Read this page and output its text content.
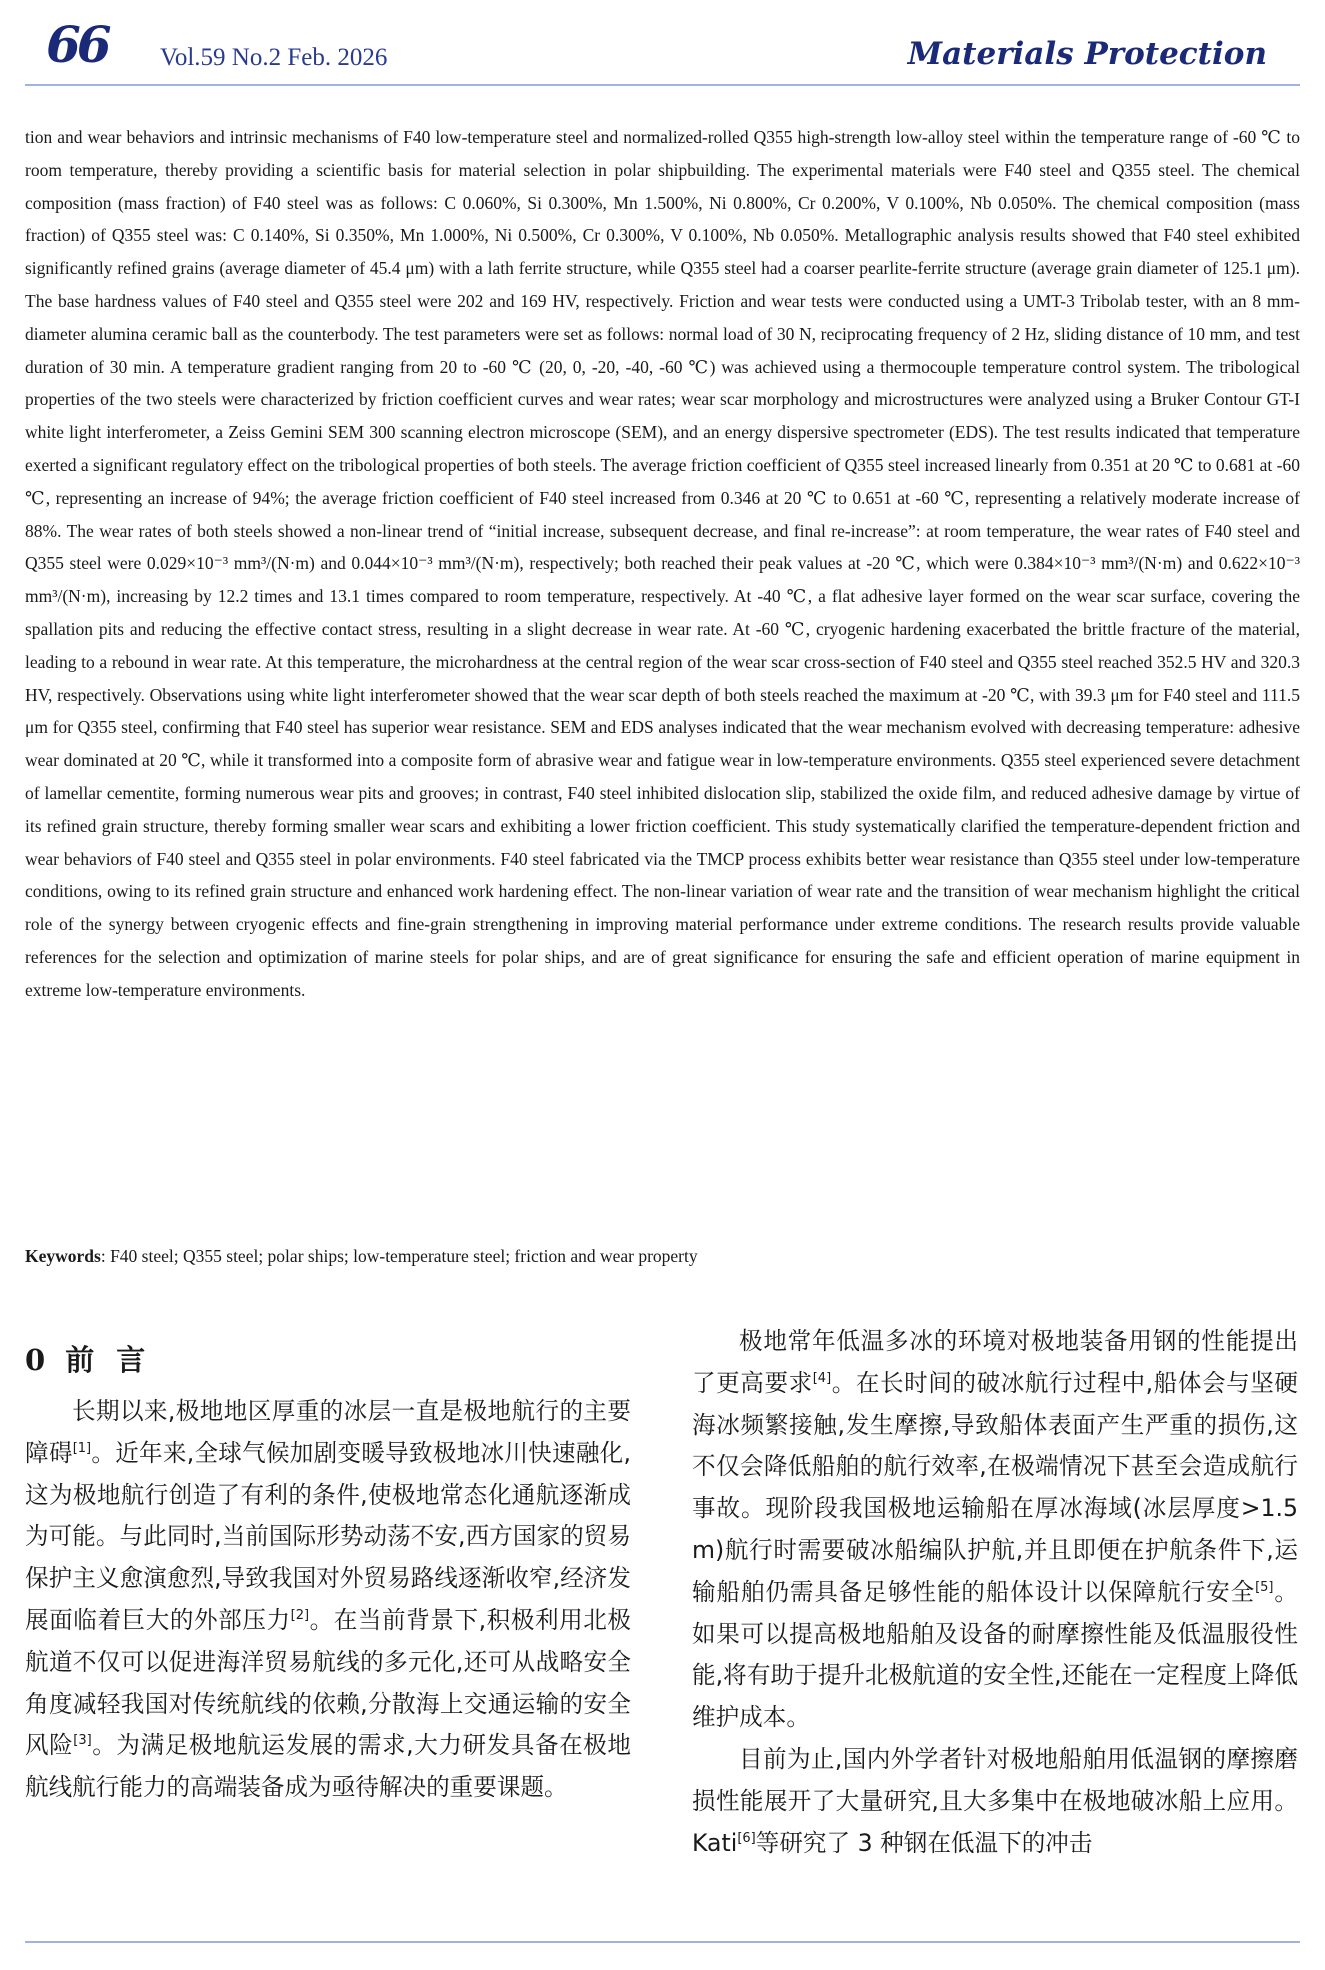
66 Vol.59 No.2 Feb. 2026	Materials Protection

tion and wear behaviors and intrinsic mechanisms of F40 low-temperature steel and normalized-rolled Q355 high-strength low-alloy steel within the temperature range of -60 ℃ to room temperature, thereby providing a scientific basis for material selection in polar shipbuilding. The experimental materials were F40 steel and Q355 steel. The chemical composition (mass fraction) of F40 steel was as follows: C 0.060%, Si 0.300%, Mn 1.500%, Ni 0.800%, Cr 0.200%, V 0.100%, Nb 0.050%. The chemical composition (mass fraction) of Q355 steel was: C 0.140%, Si 0.350%, Mn 1.000%, Ni 0.500%, Cr 0.300%, V 0.100%, Nb 0.050%. Metallographic analysis results showed that F40 steel exhibited significantly refined grains (average diameter of 45.4 μm) with a lath ferrite structure, while Q355 steel had a coarser pearlite-ferrite structure (average grain diameter of 125.1 μm). The base hardness values of F40 steel and Q355 steel were 202 and 169 HV, respectively. Friction and wear tests were conducted using a UMT-3 Tribolab tester, with an 8 mm-diameter alumina ceramic ball as the counterbody. The test parameters were set as follows: normal load of 30 N, reciprocating frequency of 2 Hz, sliding distance of 10 mm, and test duration of 30 min. A temperature gradient ranging from 20 to -60 ℃ (20, 0, -20, -40, -60 ℃) was achieved using a thermocouple temperature control system. The tribological properties of the two steels were characterized by friction coefficient curves and wear rates; wear scar morphology and microstructures were analyzed using a Bruker Contour GT-I white light interferometer, a Zeiss Gemini SEM 300 scanning electron microscope (SEM), and an energy dispersive spectrometer (EDS). The test results indicated that temperature exerted a significant regulatory effect on the tribological properties of both steels. The average friction coefficient of Q355 steel increased linearly from 0.351 at 20 ℃ to 0.681 at -60 ℃, representing an increase of 94%; the average friction coefficient of F40 steel increased from 0.346 at 20 ℃ to 0.651 at -60 ℃, representing a relatively moderate increase of 88%. The wear rates of both steels showed a non-linear trend of “initial increase, subsequent decrease, and final re-increase”: at room temperature, the wear rates of F40 steel and Q355 steel were 0.029×10⁻³ mm³/(N·m) and 0.044×10⁻³ mm³/(N·m), respectively; both reached their peak values at -20 ℃, which were 0.384×10⁻³ mm³/(N·m) and 0.622×10⁻³ mm³/(N·m), increasing by 12.2 times and 13.1 times compared to room temperature, respectively. At -40 ℃, a flat adhesive layer formed on the wear scar surface, covering the spallation pits and reducing the effective contact stress, resulting in a slight decrease in wear rate. At -60 ℃, cryogenic hardening exacerbated the brittle fracture of the material, leading to a rebound in wear rate. At this temperature, the microhardness at the central region of the wear scar cross-section of F40 steel and Q355 steel reached 352.5 HV and 320.3 HV, respectively. Observations using white light interferometer showed that the wear scar depth of both steels reached the maximum at -20 ℃, with 39.3 μm for F40 steel and 111.5 μm for Q355 steel, confirming that F40 steel has superior wear resistance. SEM and EDS analyses indicated that the wear mechanism evolved with decreasing temperature: adhesive wear dominated at 20 ℃, while it transformed into a composite form of abrasive wear and fatigue wear in low-temperature environments. Q355 steel experienced severe detachment of lamellar cementite, forming numerous wear pits and grooves; in contrast, F40 steel inhibited dislocation slip, stabilized the oxide film, and reduced adhesive damage by virtue of its refined grain structure, thereby forming smaller wear scars and exhibiting a lower friction coefficient. This study systematically clarified the temperature-dependent friction and wear behaviors of F40 steel and Q355 steel in polar environments. F40 steel fabricated via the TMCP process exhibits better wear resistance than Q355 steel under low-temperature conditions, owing to its refined grain structure and enhanced work hardening effect. The non-linear variation of wear rate and the transition of wear mechanism highlight the critical role of the synergy between cryogenic effects and fine-grain strengthening in improving material performance under extreme conditions. The research results provide valuable references for the selection and optimization of marine steels for polar ships, and are of great significance for ensuring the safe and efficient operation of marine equipment in extreme low-temperature environments.

Keywords: F40 steel; Q355 steel; polar ships; low-temperature steel; friction and wear property

0 前言

长期以来,极地地区厚重的冰层一直是极地航行的主要障碍[1]。近年来,全球气候加剧变暖导致极地冰川快速融化,这为极地航行创造了有利的条件,使极地常态化通航逐渐成为可能。与此同时,当前国际形势动荡不安,西方国家的贸易保护主义愈演愈烈,导致我国对外贸易路线逐渐收窄,经济发展面临着巨大的外部压力[2]。在当前背景下,积极利用北极航道不仅可以促进海洋贸易航线的多元化,还可从战略安全角度减轻我国对传统航线的依赖,分散海上交通运输的安全风险[3]。为满足极地航运发展的需求,大力研发具备在极地航线航行能力的高端装备成为亟待解决的重要课题。

极地常年低温多冰的环境对极地装备用钢的性能提出了更高要求[4]。在长时间的破冰航行过程中,船体会与坚硬海冰频繁接触,发生摩擦,导致船体表面产生严重的损伤,这不仅会降低船舶的航行效率,在极端情况下甚至会造成航行事故。现阶段我国极地运输船在厚冰海域(冰层厚度>1.5 m)航行时需要破冰船编队护航,并且即便在护航条件下,运输船舶仍需具备足够性能的船体设计以保障航行安全[5]。如果可以提高极地船舶及设备的耐摩擦性能及低温服役性能,将有助于提升北极航道的安全性,还能在一定程度上降低维护成本。

目前为止,国内外学者针对极地船舶用低温钢的摩擦磨损性能展开了大量研究,且大多集中在极地破冰船上应用。Kati[6]等研究了 3 种钢在低温下的冲击
